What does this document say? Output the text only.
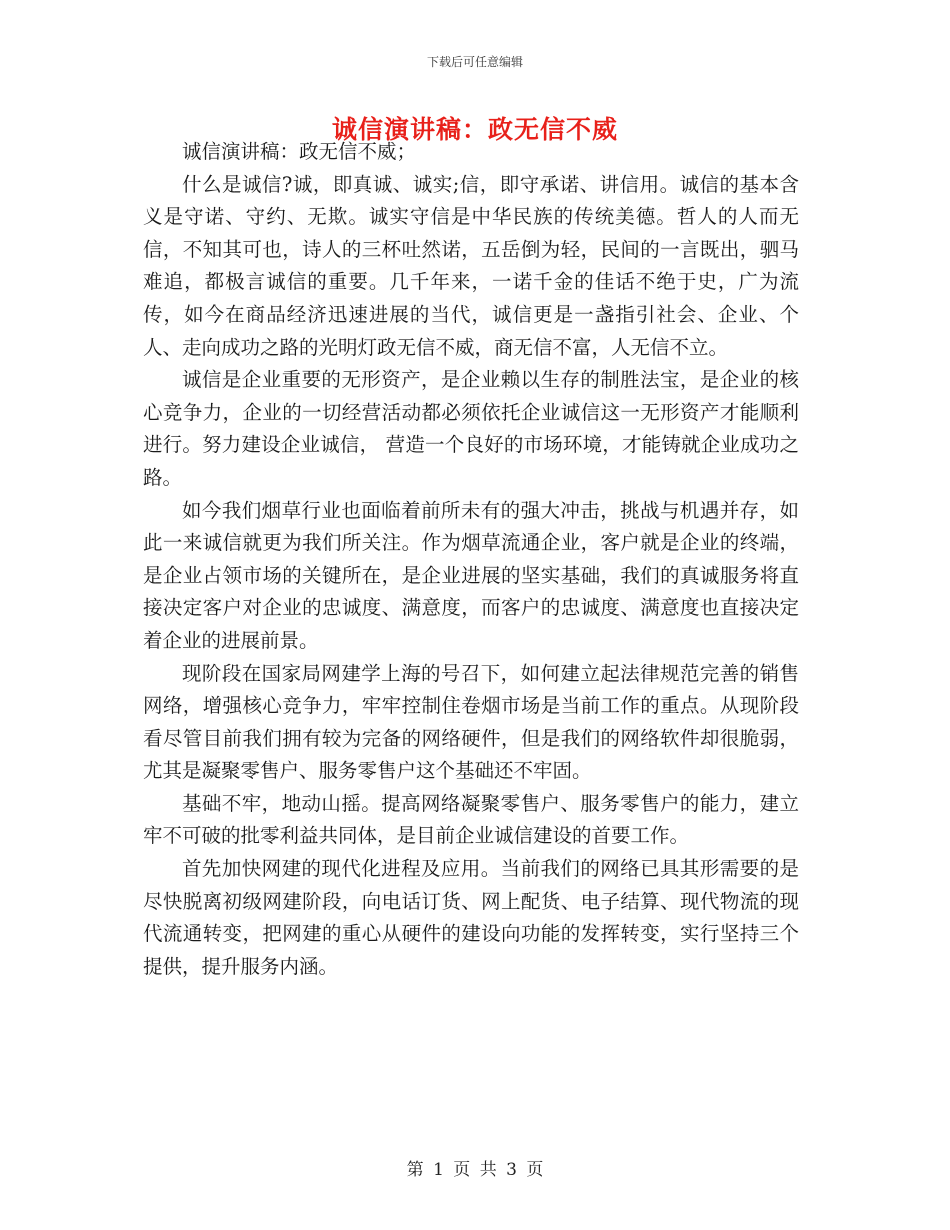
下载后可任意编辑
诚信演讲稿：政无信不威

诚信演讲稿：政无信不威；

什么是诚信?诚，即真诚、诚实;信，即守承诺、讲信用。诚信的基本含义是守诺、守约、无欺。诚实守信是中华民族的传统美德。哲人的人而无信，不知其可也，诗人的三杯吐然诺，五岳倒为轻，民间的一言既出，驷马难追，都极言诚信的重要。几千年来，一诺千金的佳话不绝于史，广为流传，如今在商品经济迅速进展的当代，诚信更是一盏指引社会、企业、个人、走向成功之路的光明灯政无信不威，商无信不富，人无信不立。

诚信是企业重要的无形资产，是企业赖以生存的制胜法宝，是企业的核心竞争力，企业的一切经营活动都必须依托企业诚信这一无形资产才能顺利进行。努力建设企业诚信， 营造一个良好的市场环境，才能铸就企业成功之路。

如今我们烟草行业也面临着前所未有的强大冲击，挑战与机遇并存，如此一来诚信就更为我们所关注。作为烟草流通企业，客户就是企业的终端，是企业占领市场的关键所在，是企业进展的坚实基础，我们的真诚服务将直接决定客户对企业的忠诚度、满意度，而客户的忠诚度、满意度也直接决定着企业的进展前景。

现阶段在国家局网建学上海的号召下，如何建立起法律规范完善的销售网络，增强核心竞争力，牢牢控制住卷烟市场是当前工作的重点。从现阶段看尽管目前我们拥有较为完备的网络硬件，但是我们的网络软件却很脆弱，尤其是凝聚零售户、服务零售户这个基础还不牢固。

基础不牢，地动山摇。提高网络凝聚零售户、服务零售户的能力，建立牢不可破的批零利益共同体，是目前企业诚信建设的首要工作。

首先加快网建的现代化进程及应用。当前我们的网络已具其形需要的是尽快脱离初级网建阶段，向电话订货、网上配货、电子结算、现代物流的现代流通转变，把网建的重心从硬件的建设向功能的发挥转变，实行坚持三个提供，提升服务内涵。

第 1 页 共 3 页
